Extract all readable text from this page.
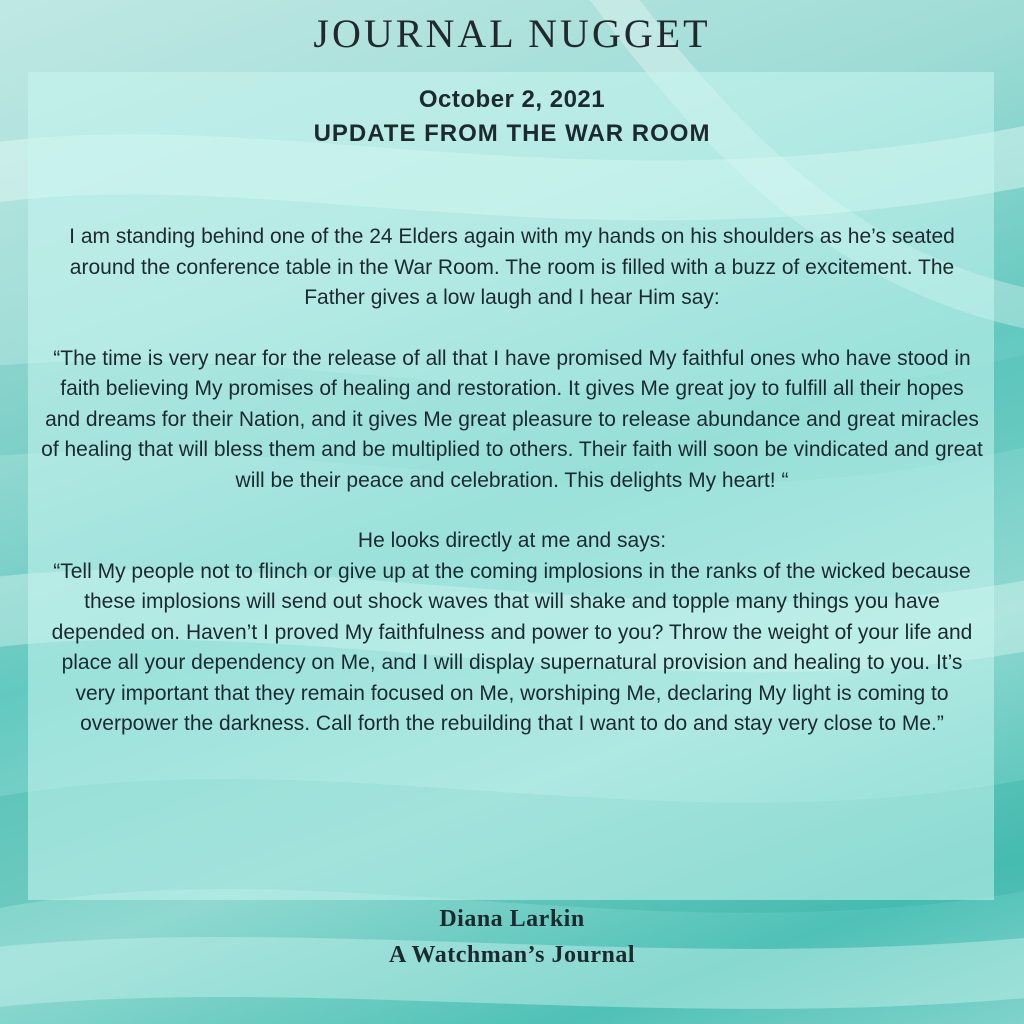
JOURNAL NUGGET
October 2, 2021
UPDATE FROM THE WAR ROOM

I am standing behind one of the 24 Elders again with my hands on his shoulders as he’s seated around the conference table in the War Room. The room is filled with a buzz of excitement. The Father gives a low laugh and I hear Him say:

“The time is very near for the release of all that I have promised My faithful ones who have stood in faith believing My promises of healing and restoration. It gives Me great joy to fulfill all their hopes and dreams for their Nation, and it gives Me great pleasure to release abundance and great miracles of healing that will bless them and be multiplied to others. Their faith will soon be vindicated and great will be their peace and celebration. This delights My heart! “

He looks directly at me and says:

“Tell My people not to flinch or give up at the coming implosions in the ranks of the wicked because these implosions will send out shock waves that will shake and topple many things you have depended on. Haven’t I proved My faithfulness and power to you? Throw the weight of your life and place all your dependency on Me, and I will display supernatural provision and healing to you. It’s very important that they remain focused on Me, worshiping Me, declaring My light is coming to overpower the darkness. Call forth the rebuilding that I want to do and stay very close to Me.”

Diana Larkin
A Watchman’s Journal
